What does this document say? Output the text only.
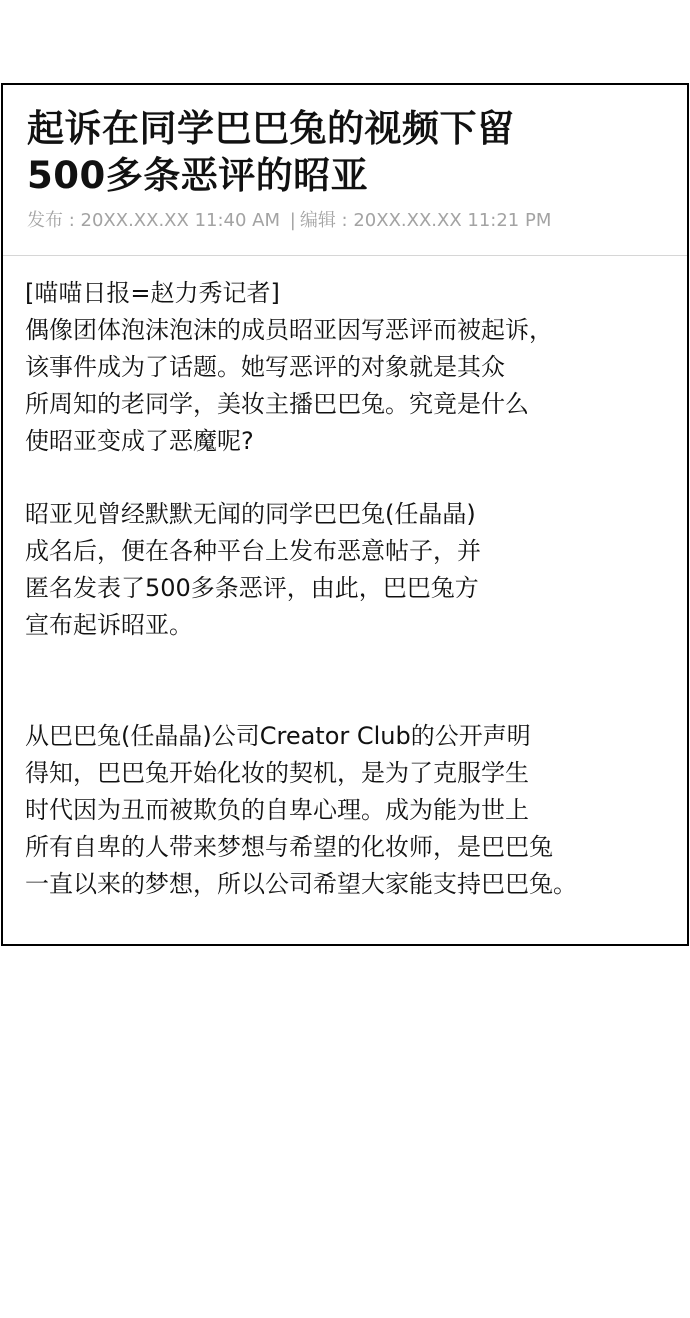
起诉在同学巴巴兔的视频下留
500多条恶评的昭亚
发布 : 20XX.XX.XX 11:40 AM | 编辑 : 20XX.XX.XX 11:21 PM
[喵喵日报=赵力秀记者]
偶像团体泡沫泡沫的成员昭亚因写恶评而被起诉，
该事件成为了话题。她写恶评的对象就是其众
所周知的老同学，美妆主播巴巴兔。究竟是什么
使昭亚变成了恶魔呢?
昭亚见曾经默默无闻的同学巴巴兔(任晶晶)
成名后，便在各种平台上发布恶意帖子，并
匿名发表了500多条恶评，由此，巴巴兔方
宣布起诉昭亚。
从巴巴兔(任晶晶)公司Creator Club的公开声明
得知，巴巴兔开始化妆的契机，是为了克服学生
时代因为丑而被欺负的自卑心理。成为能为世上
所有自卑的人带来梦想与希望的化妆师，是巴巴兔
一直以来的梦想，所以公司希望大家能支持巴巴兔。
